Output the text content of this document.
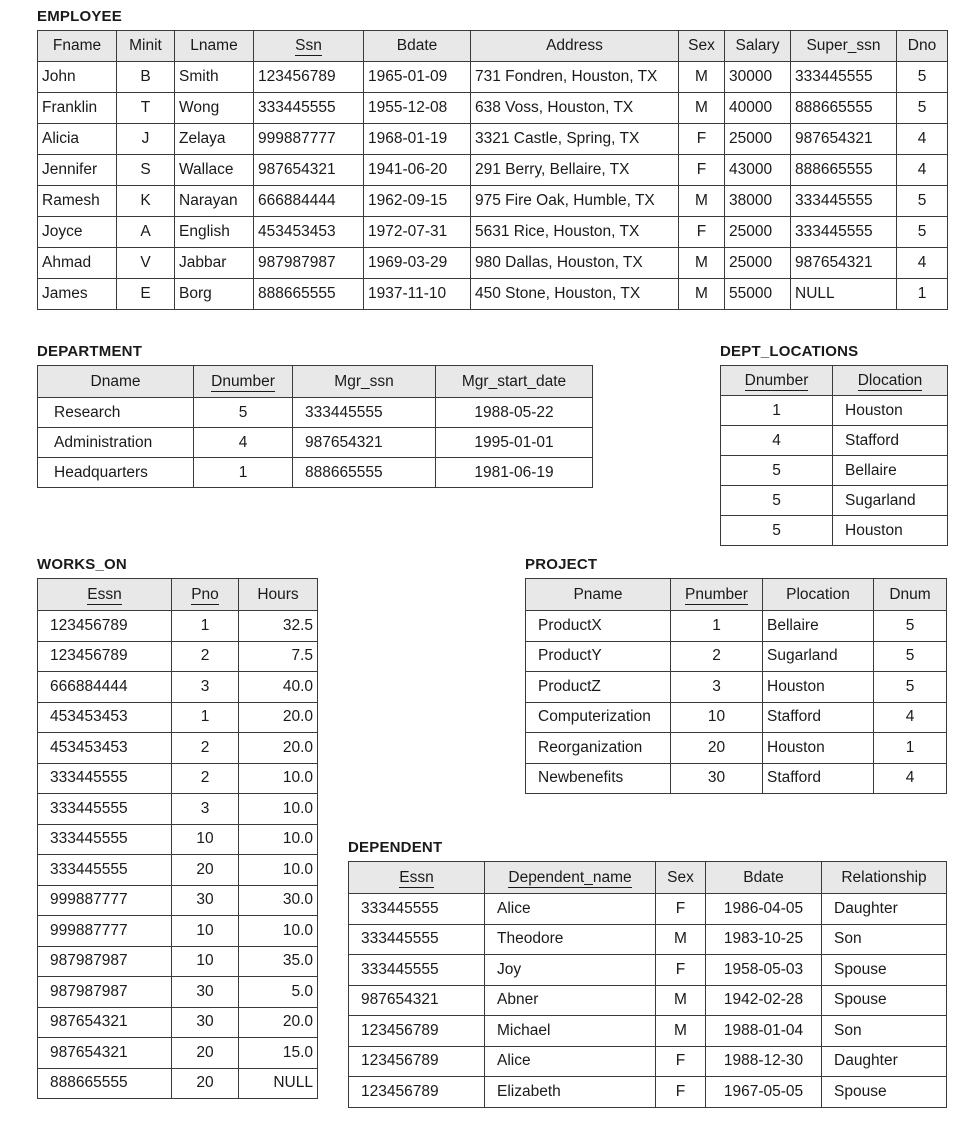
EMPLOYEE
Fname	Minit	Lname	Ssn	Bdate	Address	Sex	Salary	Super_ssn	Dno
John	B	Smith	123456789	1965-01-09	731 Fondren, Houston, TX	M	30000	333445555	5
Franklin	T	Wong	333445555	1955-12-08	638 Voss, Houston, TX	M	40000	888665555	5
Alicia	J	Zelaya	999887777	1968-01-19	3321 Castle, Spring, TX	F	25000	987654321	4
Jennifer	S	Wallace	987654321	1941-06-20	291 Berry, Bellaire, TX	F	43000	888665555	4
Ramesh	K	Narayan	666884444	1962-09-15	975 Fire Oak, Humble, TX	M	38000	333445555	5
Joyce	A	English	453453453	1972-07-31	5631 Rice, Houston, TX	F	25000	333445555	5
Ahmad	V	Jabbar	987987987	1969-03-29	980 Dallas, Houston, TX	M	25000	987654321	4
James	E	Borg	888665555	1937-11-10	450 Stone, Houston, TX	M	55000	NULL	1
DEPARTMENT
Dname	Dnumber	Mgr_ssn	Mgr_start_date
Research	5	333445555	1988-05-22
Administration	4	987654321	1995-01-01
Headquarters	1	888665555	1981-06-19
DEPT_LOCATIONS
Dnumber	Dlocation
1	Houston
4	Stafford
5	Bellaire
5	Sugarland
5	Houston
WORKS_ON
Essn	Pno	Hours
123456789	1	32.5
123456789	2	7.5
666884444	3	40.0
453453453	1	20.0
453453453	2	20.0
333445555	2	10.0
333445555	3	10.0
333445555	10	10.0
333445555	20	10.0
999887777	30	30.0
999887777	10	10.0
987987987	10	35.0
987987987	30	5.0
987654321	30	20.0
987654321	20	15.0
888665555	20	NULL
PROJECT
Pname	Pnumber	Plocation	Dnum
ProductX	1	Bellaire	5
ProductY	2	Sugarland	5
ProductZ	3	Houston	5
Computerization	10	Stafford	4
Reorganization	20	Houston	1
Newbenefits	30	Stafford	4
DEPENDENT
Essn	Dependent_name	Sex	Bdate	Relationship
333445555	Alice	F	1986-04-05	Daughter
333445555	Theodore	M	1983-10-25	Son
333445555	Joy	F	1958-05-03	Spouse
987654321	Abner	M	1942-02-28	Spouse
123456789	Michael	M	1988-01-04	Son
123456789	Alice	F	1988-12-30	Daughter
123456789	Elizabeth	F	1967-05-05	Spouse
